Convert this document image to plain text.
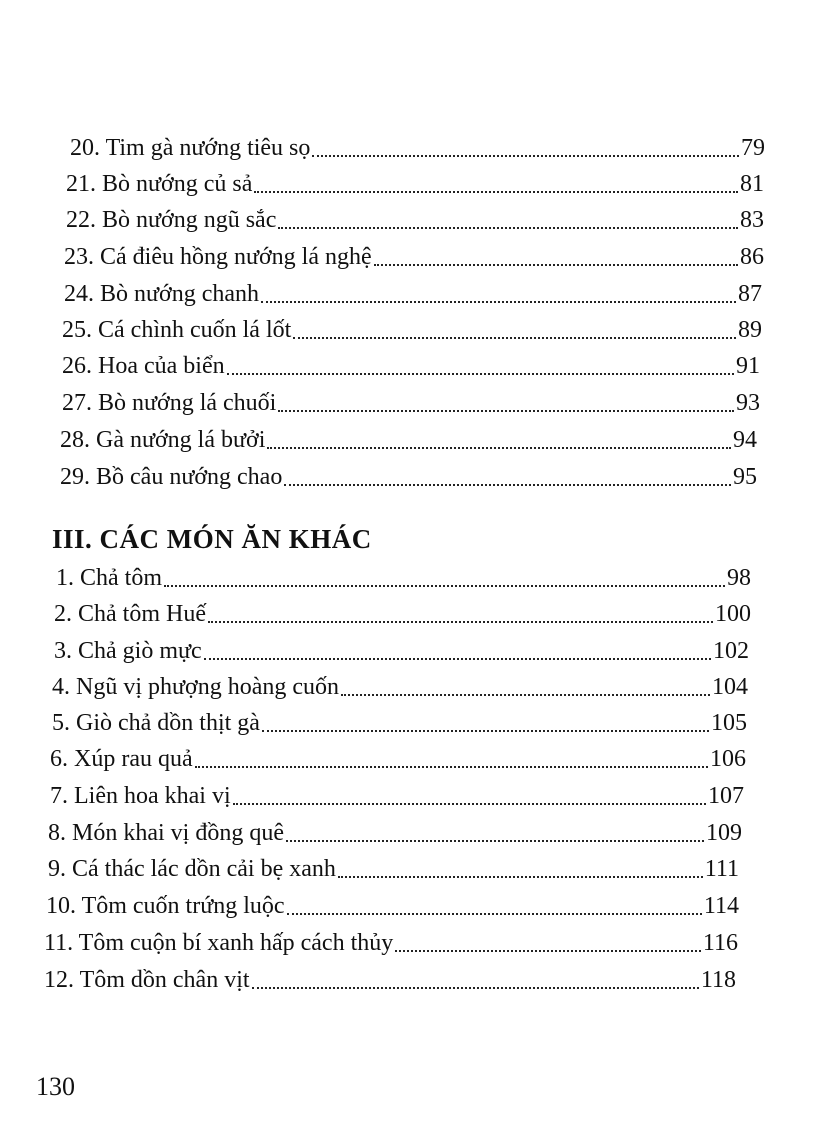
20. Tim gà nướng tiêu sọ	79
21. Bò nướng củ sả	81
22. Bò nướng ngũ sắc	83
23. Cá điêu hồng nướng lá nghệ	86
24. Bò nướng chanh	87
25. Cá chình cuốn lá lốt	89
26. Hoa của biển	91
27. Bò nướng lá chuối	93
28. Gà nướng lá bưởi	94
29. Bồ câu nướng chao	95
III. CÁC MÓN ĂN KHÁC
1. Chả tôm	98
2. Chả tôm Huế	100
3. Chả giò mực	102
4. Ngũ vị phượng hoàng cuốn	104
5. Giò chả dồn thịt gà	105
6. Xúp rau quả	106
7. Liên hoa khai vị	107
8. Món khai vị đồng quê	109
9. Cá thác lác dồn cải bẹ xanh	111
10. Tôm cuốn trứng luộc	114
11. Tôm cuộn bí xanh hấp cách thủy	116
12. Tôm dồn chân vịt	118
130
